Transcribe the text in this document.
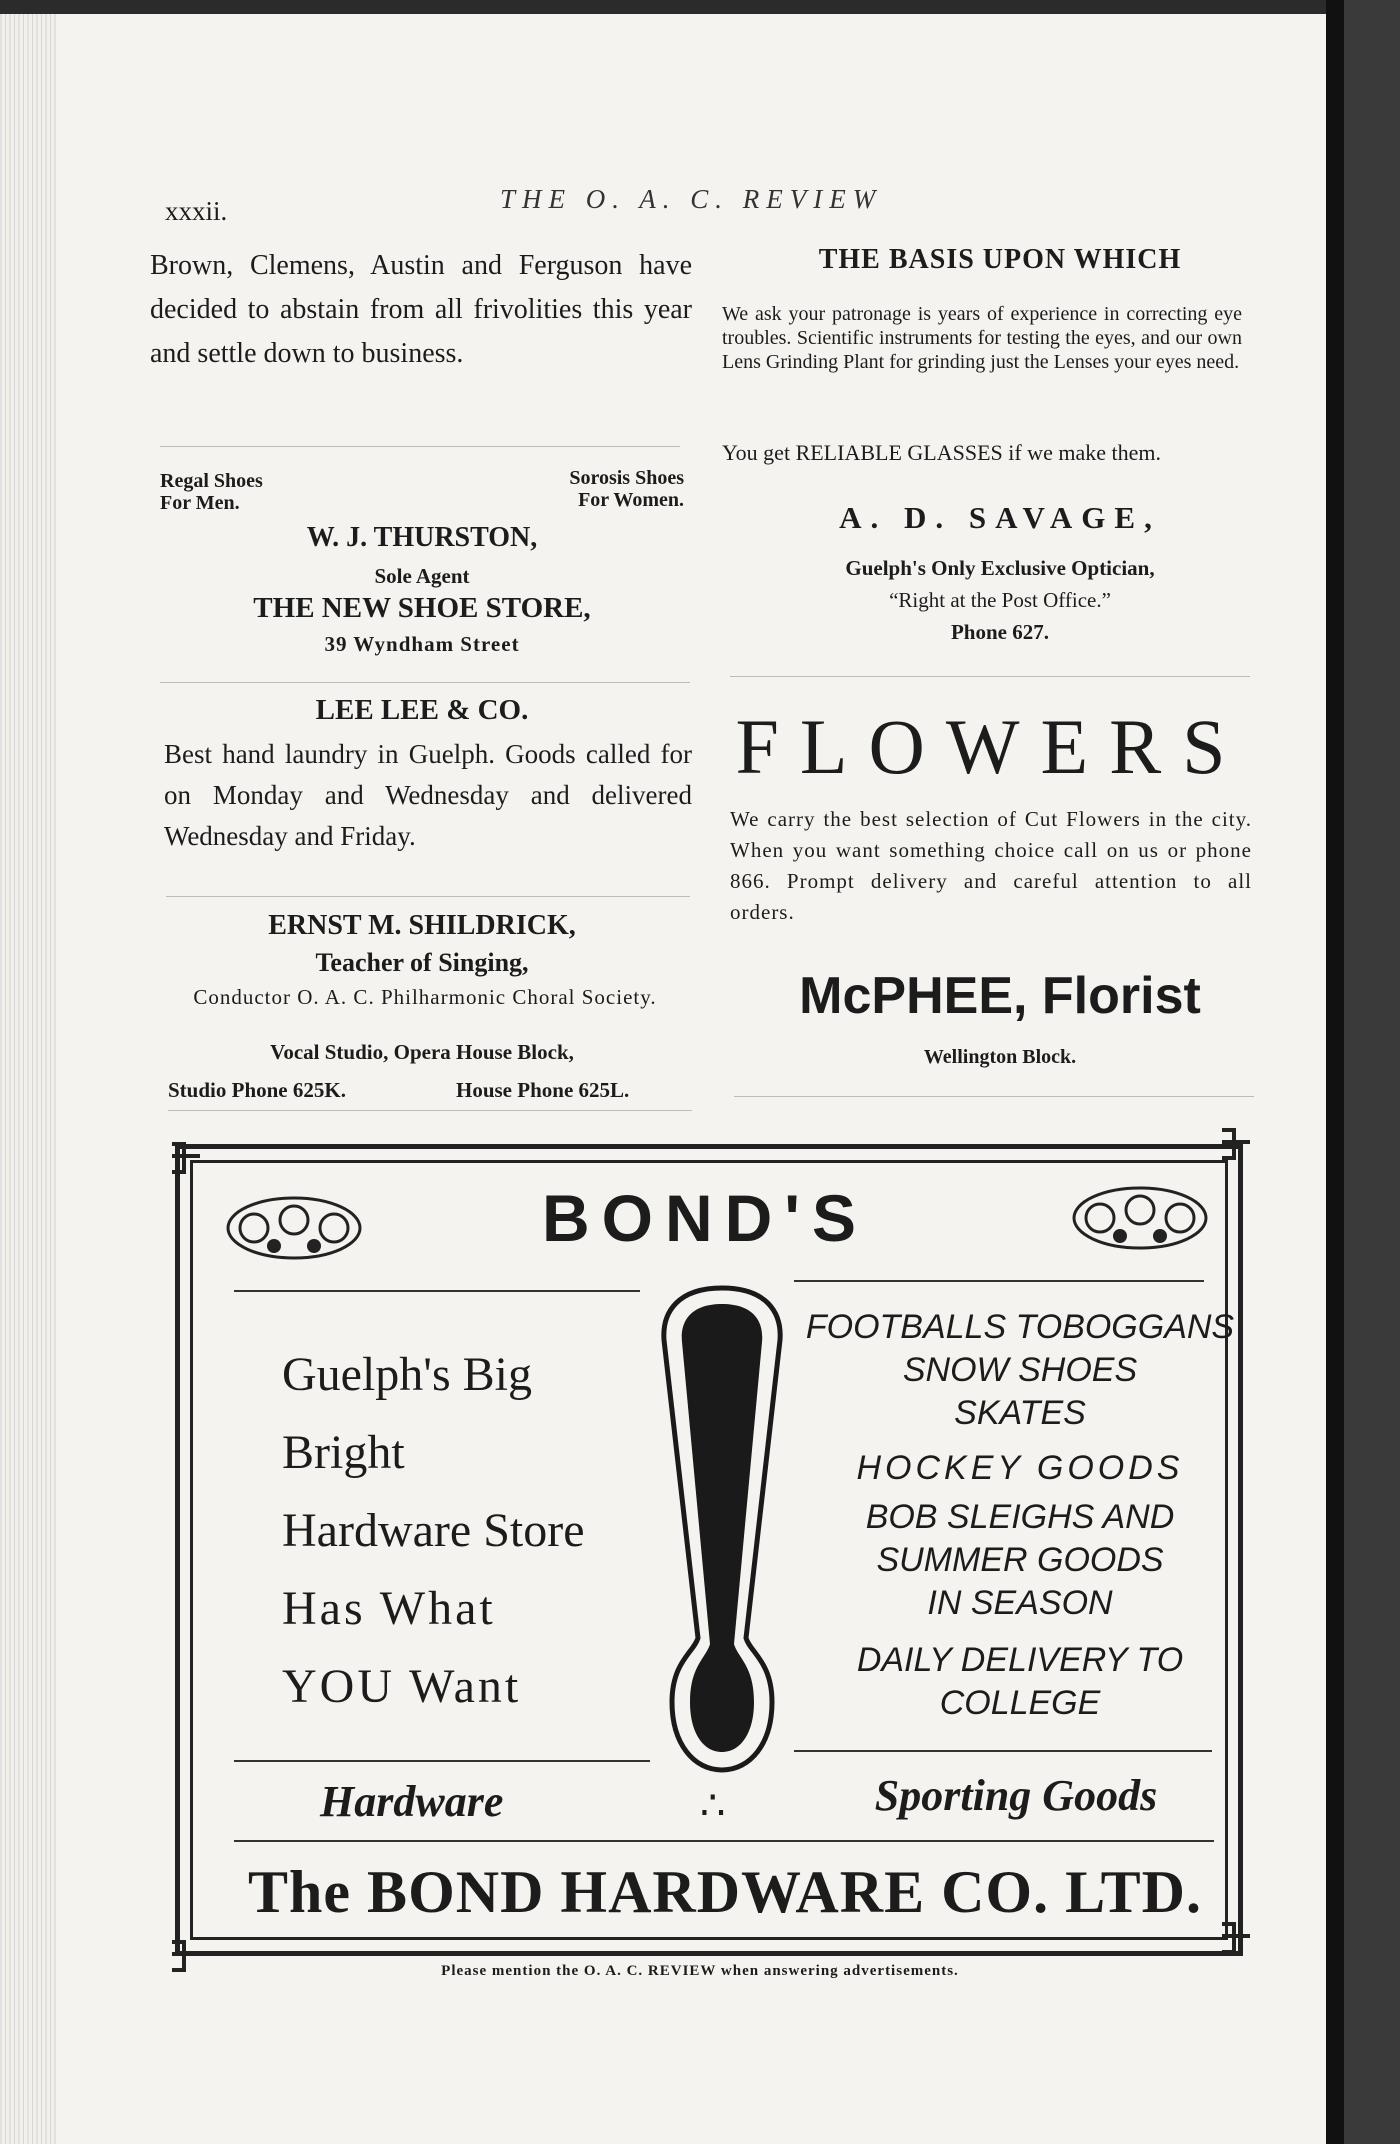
xxxii.	THE O. A. C. REVIEW
Brown, Clemens, Austin and Ferguson have decided to abstain from all frivolities this year and settle down to business.
Regal Shoes
For Men.
Sorosis Shoes
For Women.
W. J. THURSTON,
Sole Agent
THE NEW SHOE STORE,
39 Wyndham Street
LEE LEE & CO.
Best hand laundry in Guelph. Goods called for on Monday and Wednesday and delivered Wednesday and Friday.
ERNST M. SHILDRICK,
Teacher of Singing,
Conductor O. A. C. Philharmonic Choral Society.
Vocal Studio, Opera House Block,
Studio Phone 625K.	House Phone 625L.
THE BASIS UPON WHICH
We ask your patronage is years of experience in correcting eye troubles. Scientific instruments for testing the eyes, and our own Lens Grinding Plant for grinding just the Lenses your eyes need.
You get RELIABLE GLASSES if we make them.
A. D. SAVAGE,
Guelph's Only Exclusive Optician,
“Right at the Post Office.”
Phone 627.
FLOWERS
We carry the best selection of Cut Flowers in the city. When you want something choice call on us or phone 866. Prompt delivery and careful attention to all orders.
McPHEE, Florist
Wellington Block.
BOND'S
Guelph's Big
Bright
Hardware Store
Has What
YOU Want
FOOTBALLS TOBOGGANS
SNOW SHOES
SKATES
HOCKEY GOODS
BOB SLEIGHS AND
SUMMER GOODS
IN SEASON
DAILY DELIVERY TO
COLLEGE
Hardware	∴	Sporting Goods
The BOND HARDWARE CO. LTD.
Please mention the O. A. C. REVIEW when answering advertisements.
